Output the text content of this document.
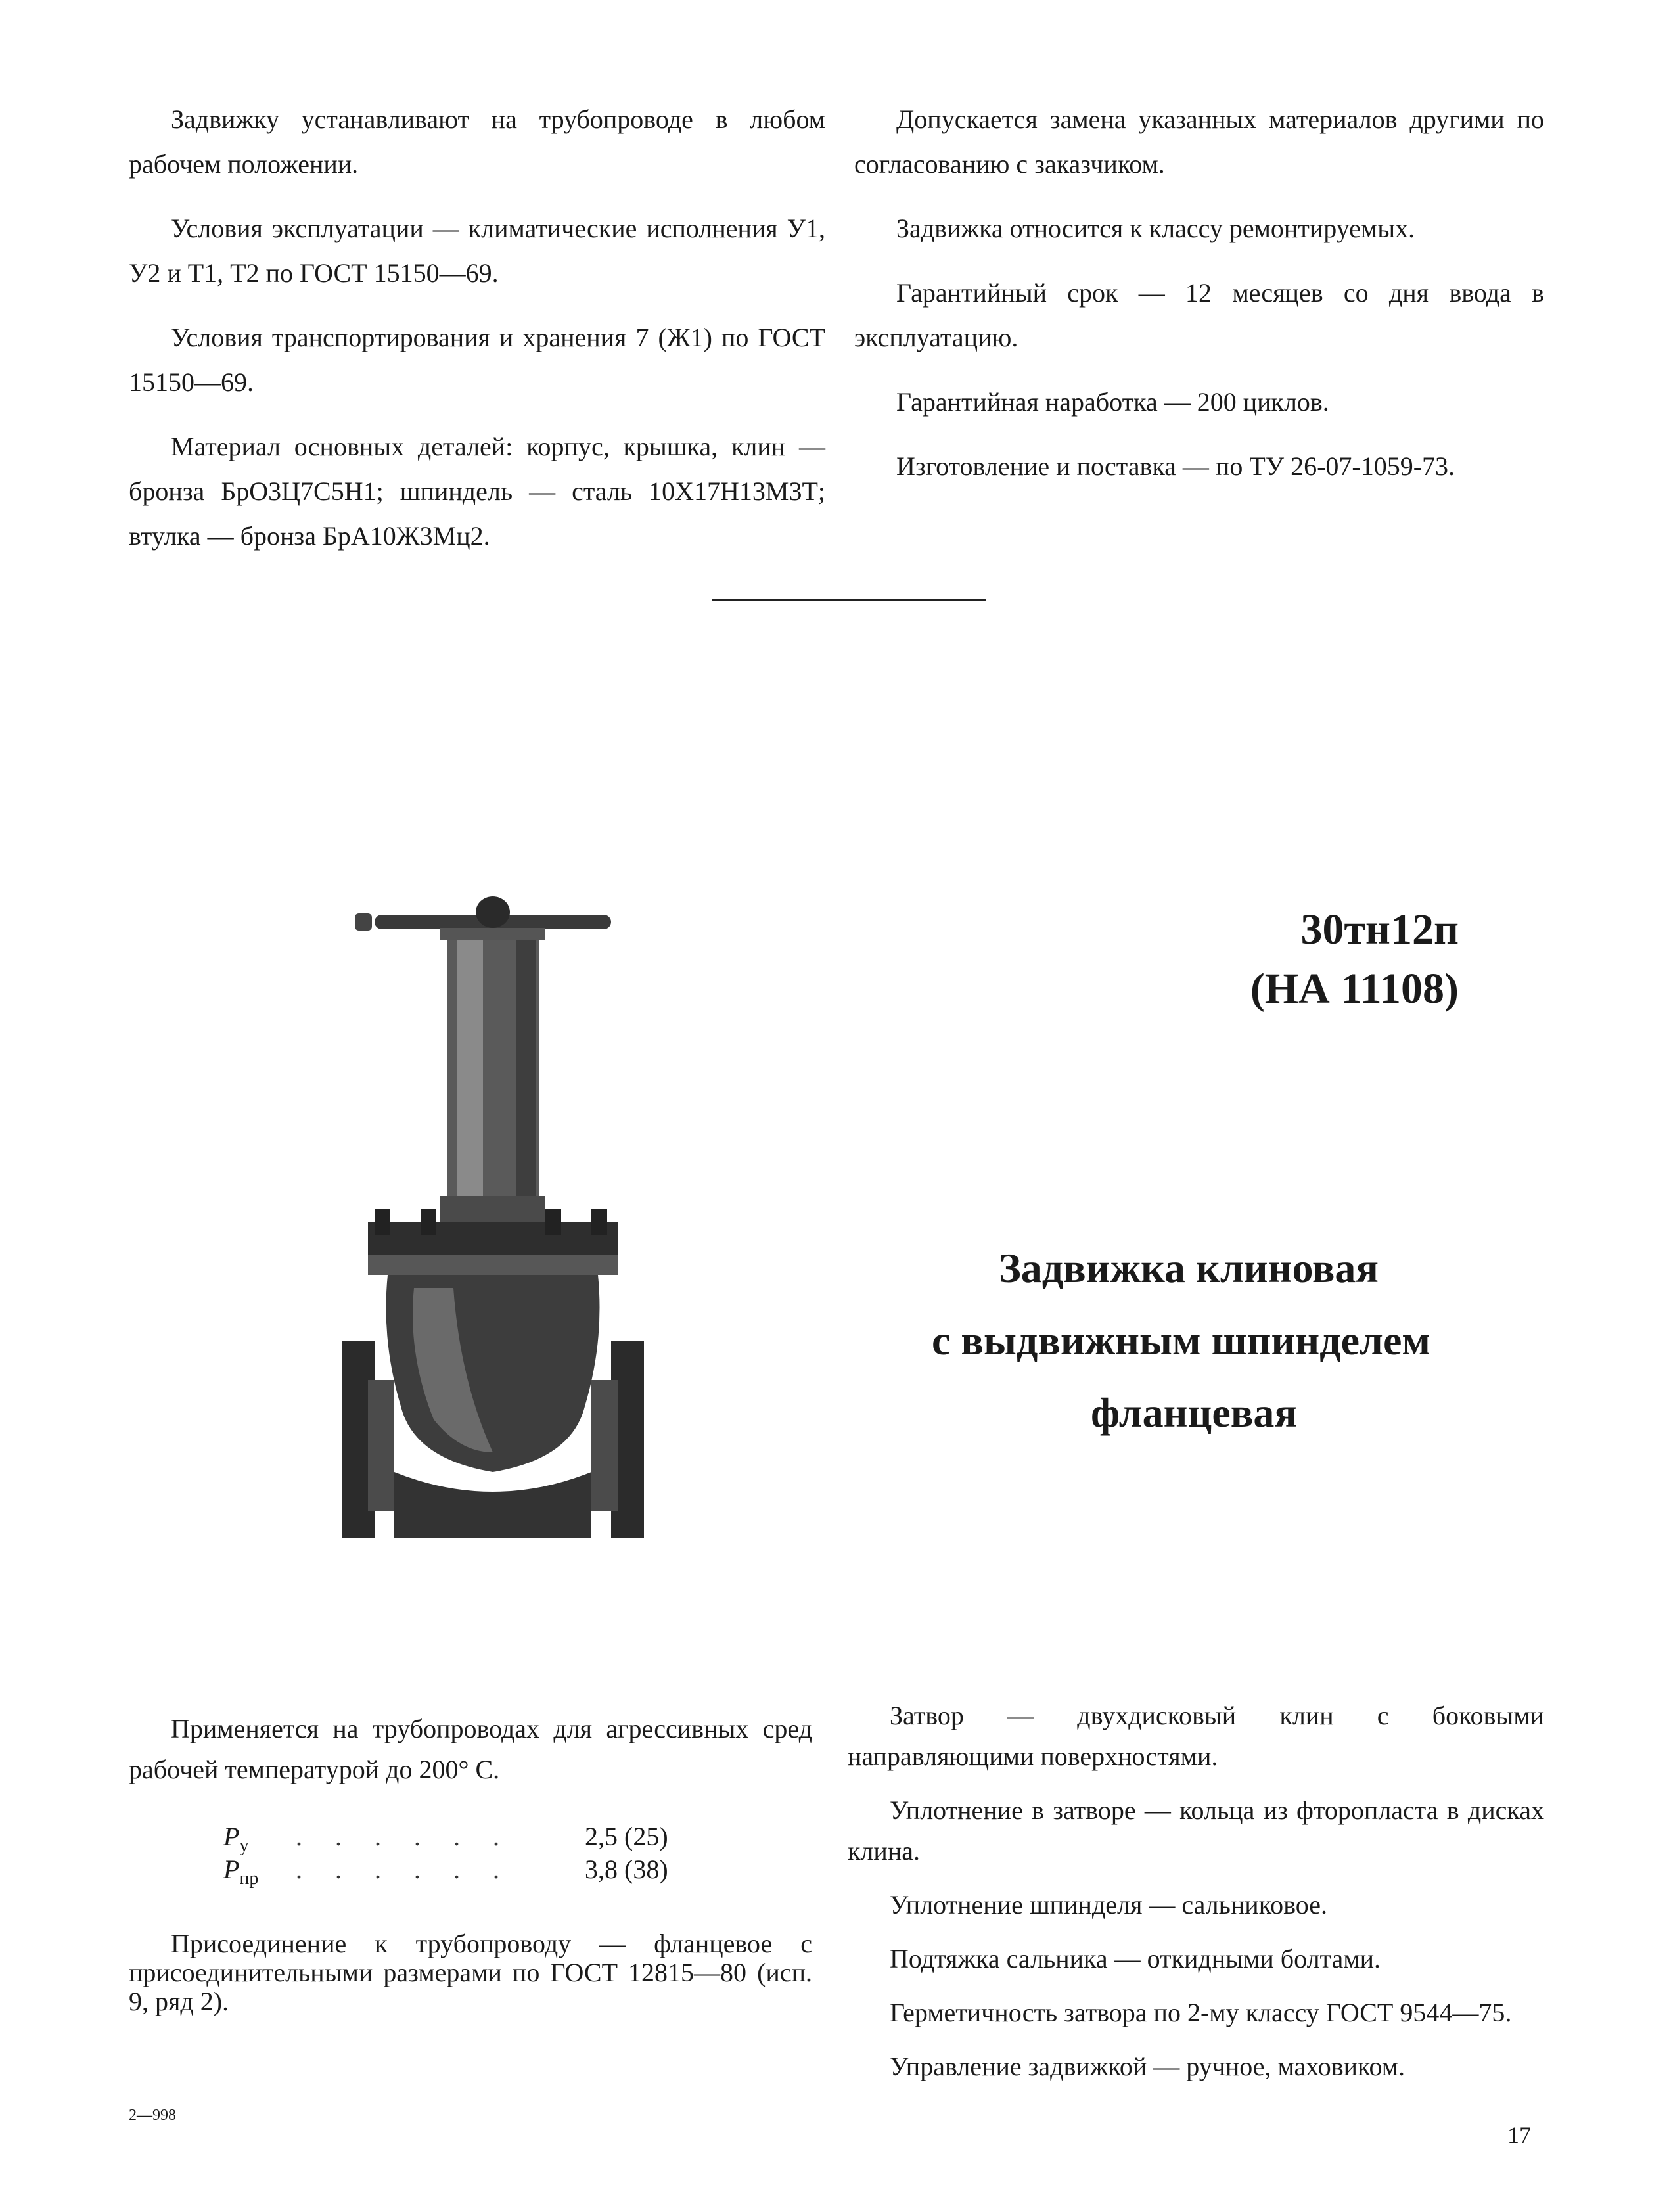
Задвижку устанавливают на трубопроводе в любом рабочем положении.

Условия эксплуатации — климатические исполнения У1, У2 и Т1, Т2 по ГОСТ 15150—69.

Условия транспортирования и хранения 7 (Ж1) по ГОСТ 15150—69.

Материал основных деталей: корпус, крышка, клин — бронза БрО3Ц7С5Н1; шпиндель — сталь 10Х17Н13М3Т; втулка — бронза БрА10Ж3Мц2.

Допускается замена указанных материалов другими по согласованию с заказчиком.

Задвижка относится к классу ремонтируемых.

Гарантийный срок — 12 месяцев со дня ввода в эксплуатацию.

Гарантийная наработка — 200 циклов.

Изготовление и поставка — по ТУ 26-07-1059-73.

30тн12п
(НА 11108)
Задвижка клиновая
с выдвижным шпинделем
фланцевая

Применяется на трубопроводах для агрессивных сред рабочей температурой до 200° С.

$P_у$ . . . . . .	2,5 (25)
$P_{пр}$ . . . . . .	3,8 (38)

Присоединение к трубопроводу — фланцевое с присоединительными размерами по ГОСТ 12815—80 (исп. 9, ряд 2).

Затвор — двухдисковый клин с боковыми направляющими поверхностями.

Уплотнение в затворе — кольца из фторопласта в дисках клина.

Уплотнение шпинделя — сальниковое.

Подтяжка сальника — откидными болтами.

Герметичность затвора по 2-му классу ГОСТ 9544—75.

Управление задвижкой — ручное, маховиком.

2—998
17
